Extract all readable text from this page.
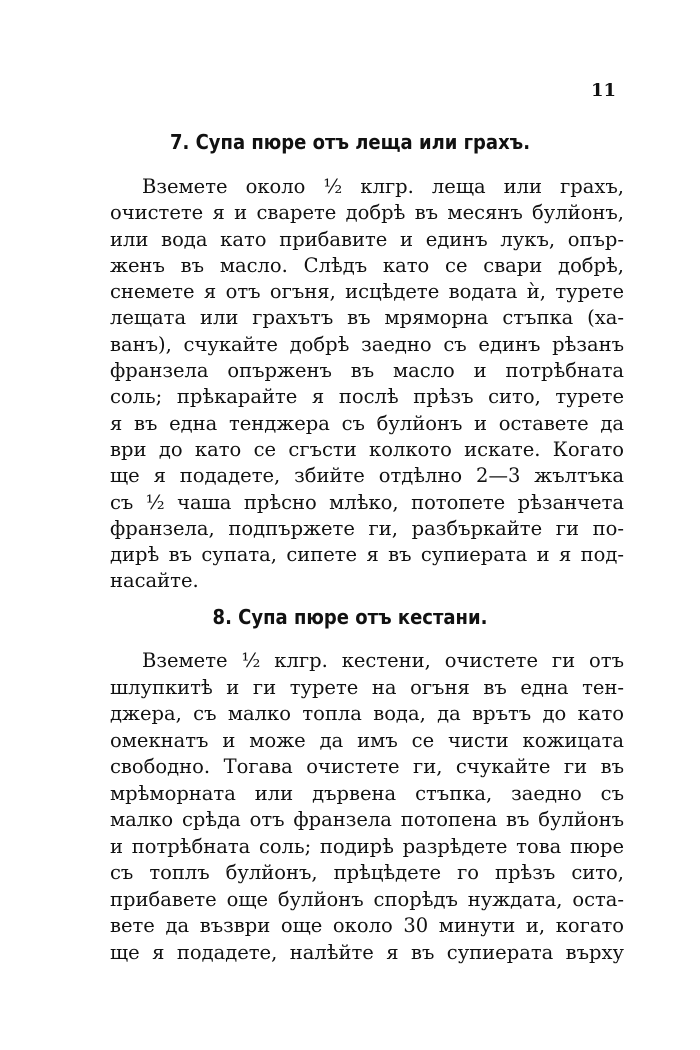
11
7. Супа пюре отъ леща или грахъ.
Вземете около ½ клгр. леща или грахъ,
очистете я и сварете добрѣ въ месянъ булйонъ,
или вода като прибавите и единъ лукъ, опър-
женъ въ масло. Слѣдъ като се свари добрѣ,
снемете я отъ огъня, исцѣдете водата ѝ, турете
лещата или грахътъ въ мряморна стъпка (ха-
ванъ), счукайте добрѣ заедно съ единъ рѣзанъ
франзела опърженъ въ масло и потрѣбната
соль; прѣкарайте я послѣ прѣзъ сито, турете
я въ една тенджера съ булйонъ и оставете да
ври до като се сгъсти колкото искате. Когато
ще я подадете, збийте отдѣлно 2—3 жълтъка
съ ½ чаша прѣсно млѣко, потопете рѣзанчета
франзела, подпържете ги, разбъркайте ги по-
дирѣ въ супата, сипете я въ супиерата и я под-
насайте.
8. Супа пюре отъ кестани.
Вземете ½ клгр. кестени, очистете ги отъ
шлупкитѣ и ги турете на огъня въ една тен-
джера, съ малко топла вода, да врътъ до като
омекнатъ и може да имъ се чисти кожицата
свободно. Тогава очистете ги, счукайте ги въ
мрѣморната или дървена стъпка, заедно съ
малко срѣда отъ франзела потопена въ булйонъ
и потрѣбната соль; подирѣ разрѣдете това пюре
съ топлъ булйонъ, прѣцѣдете го прѣзъ сито,
прибавете още булйонъ спорѣдъ нуждата, оста-
вете да възври още около 30 минути и, когато
ще я подадете, налѣйте я въ супиерата върху
